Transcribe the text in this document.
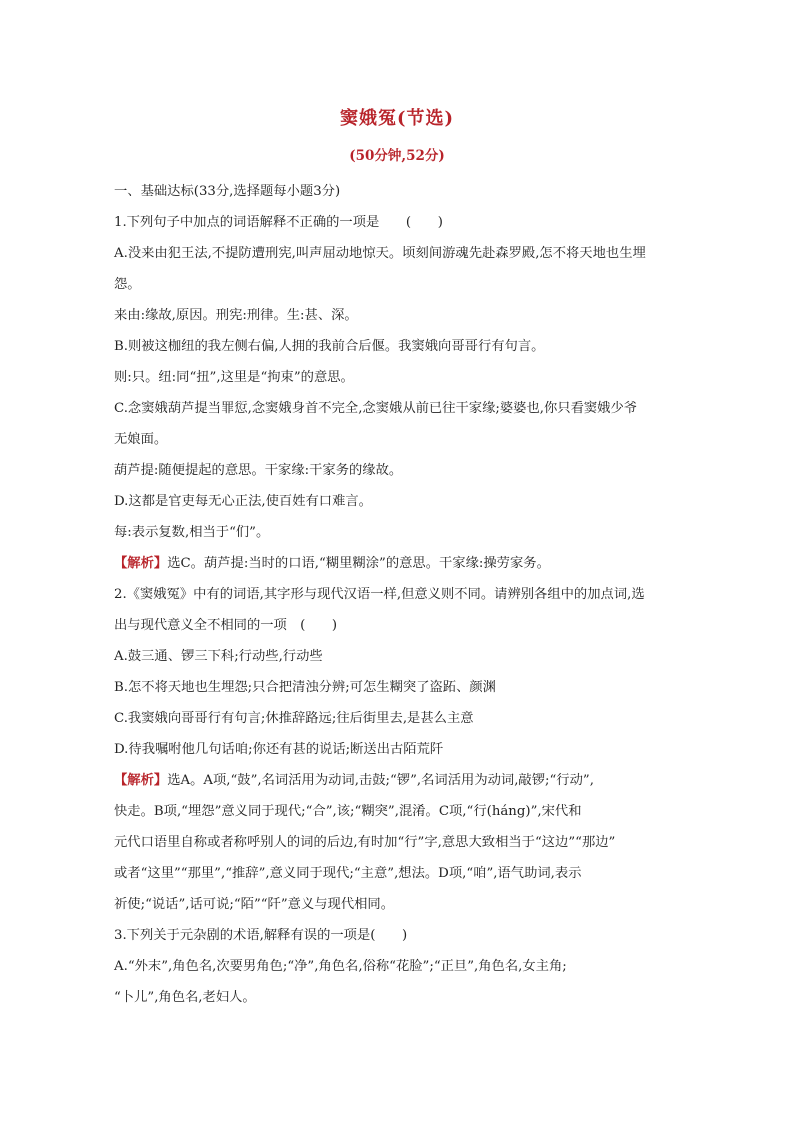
窦娥冤(节选)
(50分钟,52分)

一、基础达标(33分,选择题每小题3分)

1.下列句子中加点的词语解释不正确的一项是　　(　　)

A.没来由犯王法,不提防遭刑宪,叫声屈动地惊天。顷刻间游魂先赴森罗殿,怎不将天地也生埋

怨。

来由:缘故,原因。刑宪:刑律。生:甚、深。

B.则被这枷纽的我左侧右偏,人拥的我前合后偃。我窦娥向哥哥行有句言。

则:只。纽:同“扭”,这里是“拘束”的意思。

C.念窦娥葫芦提当罪愆,念窦娥身首不完全,念窦娥从前已往干家缘;婆婆也,你只看窦娥少爷

无娘面。

葫芦提:随便提起的意思。干家缘:干家务的缘故。

D.这都是官吏每无心正法,使百姓有口难言。

每:表示复数,相当于“们”。

【解析】选C。葫芦提:当时的口语,“糊里糊涂”的意思。干家缘:操劳家务。

2.《窦娥冤》中有的词语,其字形与现代汉语一样,但意义则不同。请辨别各组中的加点词,选

出与现代意义全不相同的一项　(　　)

A.鼓三通、锣三下科;行动些,行动些

B.怎不将天地也生埋怨;只合把清浊分辨;可怎生糊突了盗跖、颜渊

C.我窦娥向哥哥行有句言;休推辞路远;往后街里去,是甚么主意

D.待我嘱咐他几句话咱;你还有甚的说话;断送出古陌荒阡

【解析】选A。A项,“鼓”,名词活用为动词,击鼓;“锣”,名词活用为动词,敲锣;“行动”,

快走。B项,“埋怨”意义同于现代;“合”,该;“糊突”,混淆。C项,“行(háng)”,宋代和

元代口语里自称或者称呼别人的词的后边,有时加“行”字,意思大致相当于“这边”“那边”

或者“这里”“那里”,“推辞”,意义同于现代;“主意”,想法。D项,“咱”,语气助词,表示

祈使;“说话”,话可说;“陌”“阡”意义与现代相同。

3.下列关于元杂剧的术语,解释有误的一项是(　　)

A.“外末”,角色名,次要男角色;“净”,角色名,俗称“花脸”;“正旦”,角色名,女主角;

“卜儿”,角色名,老妇人。
